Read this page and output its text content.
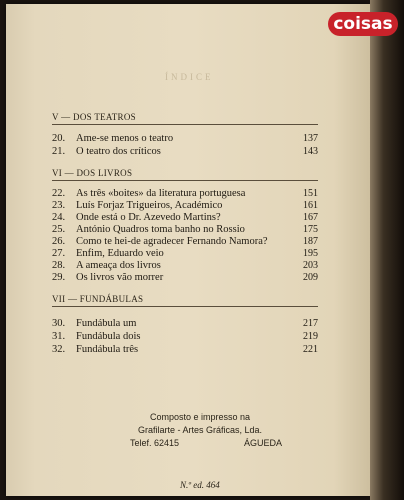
coisas
ÍNDICE
V — DOS TEATROS
20.	Ame-se menos o teatro	137
21.	O teatro dos críticos	143
VI — DOS LIVROS
22.	As três «boites» da literatura portuguesa	151
23.	Luís Forjaz Trigueiros, Académico	161
24.	Onde está o Dr. Azevedo Martins?	167
25.	António Quadros toma banho no Rossio	175
26.	Como te hei-de agradecer Fernando Namora?	187
27.	Enfim, Eduardo veio	195
28.	A ameaça dos livros	203
29.	Os livros vão morrer	209
VII — FUNDÁBULAS
30.	Fundábula um	217
31.	Fundábula dois	219
32.	Fundábula três	221
Composto e impresso na
Grafilarte - Artes Gráficas, Lda.
Telef. 62415	ÁGUEDA
N.º ed. 464
